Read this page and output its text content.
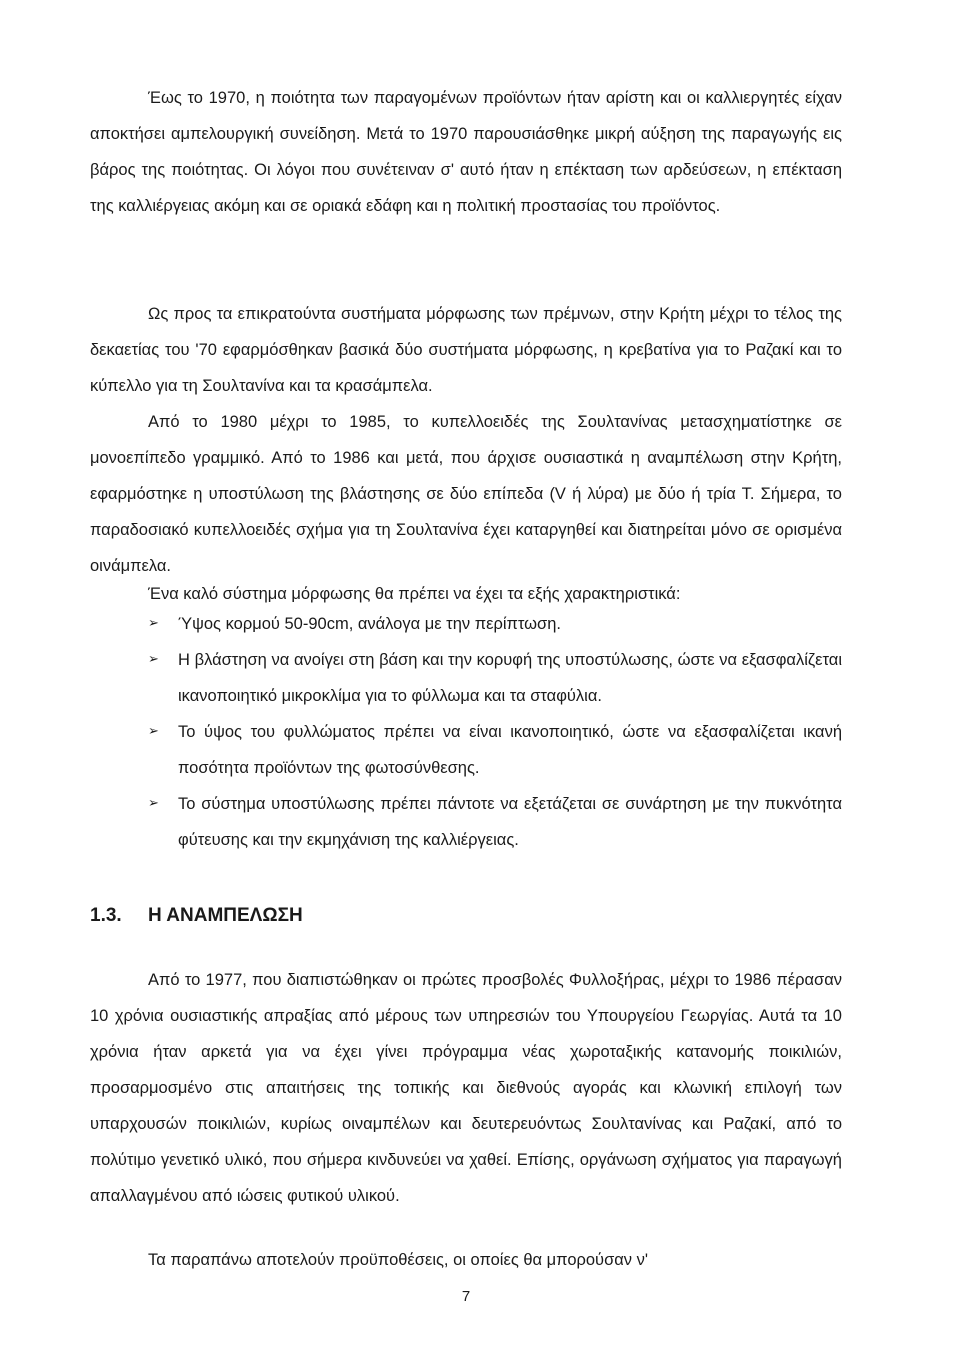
Έως το 1970, η ποιότητα των παραγομένων προϊόντων ήταν αρίστη και οι καλλιεργητές είχαν αποκτήσει αμπελουργική συνείδηση. Μετά το 1970 παρουσιάσθηκε μικρή αύξηση της παραγωγής εις βάρος της ποιότητας. Οι λόγοι που συνέτειναν σ' αυτό ήταν η επέκταση των αρδεύσεων, η επέκταση της καλλιέργειας ακόμη και σε οριακά εδάφη και η πολιτική προστασίας του προϊόντος.

Ως προς τα επικρατούντα συστήματα μόρφωσης των πρέμνων, στην Κρήτη μέχρι το τέλος της δεκαετίας του '70 εφαρμόσθηκαν βασικά δύο συστήματα μόρφωσης, η κρεβατίνα για το Ραζακί και το κύπελλο για τη Σουλτανίνα και τα κρασάμπελα.

Από το 1980 μέχρι το 1985, το κυπελλοειδές της Σουλτανίνας μετασχηματίστηκε σε μονοεπίπεδο γραμμικό. Από το 1986 και μετά, που άρχισε ουσιαστικά η αναμπέλωση στην Κρήτη, εφαρμόστηκε η υποστύλωση της βλάστησης σε δύο επίπεδα (V ή λύρα) με δύο ή τρία Τ. Σήμερα, το παραδοσιακό κυπελλοειδές σχήμα για τη Σουλτανίνα έχει καταργηθεί και διατηρείται μόνο σε ορισμένα οινάμπελα.

Ένα καλό σύστημα μόρφωσης θα πρέπει να έχει τα εξής χαρακτηριστικά:

➢ Ύψος κορμού 50-90cm, ανάλογα με την περίπτωση.
➢ Η βλάστηση να ανοίγει στη βάση και την κορυφή της υποστύλωσης, ώστε να εξασφαλίζεται ικανοποιητικό μικροκλίμα για το φύλλωμα και τα σταφύλια.
➢ Το ύψος του φυλλώματος πρέπει να είναι ικανοποιητικό, ώστε να εξασφαλίζεται ικανή ποσότητα προϊόντων της φωτοσύνθεσης.
➢ Το σύστημα υποστύλωσης πρέπει πάντοτε να εξετάζεται σε συνάρτηση με την πυκνότητα φύτευσης και την εκμηχάνιση της καλλιέργειας.
1.3. Η ΑΝΑΜΠΕΛΩΣΗ

Από το 1977, που διαπιστώθηκαν οι πρώτες προσβολές Φυλλοξήρας, μέχρι το 1986 πέρασαν 10 χρόνια ουσιαστικής απραξίας από μέρους των υπηρεσιών του Υπουργείου Γεωργίας. Αυτά τα 10 χρόνια ήταν αρκετά για να έχει γίνει πρόγραμμα νέας χωροταξικής κατανομής ποικιλιών, προσαρμοσμένο στις απαιτήσεις της τοπικής και διεθνούς αγοράς και κλωνική επιλογή των υπαρχουσών ποικιλιών, κυρίως οιναμπέλων και δευτερευόντως Σουλτανίνας και Ραζακί, από το πολύτιμο γενετικό υλικό, που σήμερα κινδυνεύει να χαθεί. Επίσης, οργάνωση σχήματος για παραγωγή απαλλαγμένου από ιώσεις φυτικού υλικού.

Τα παραπάνω αποτελούν προϋποθέσεις, οι οποίες θα μπορούσαν ν'

7
